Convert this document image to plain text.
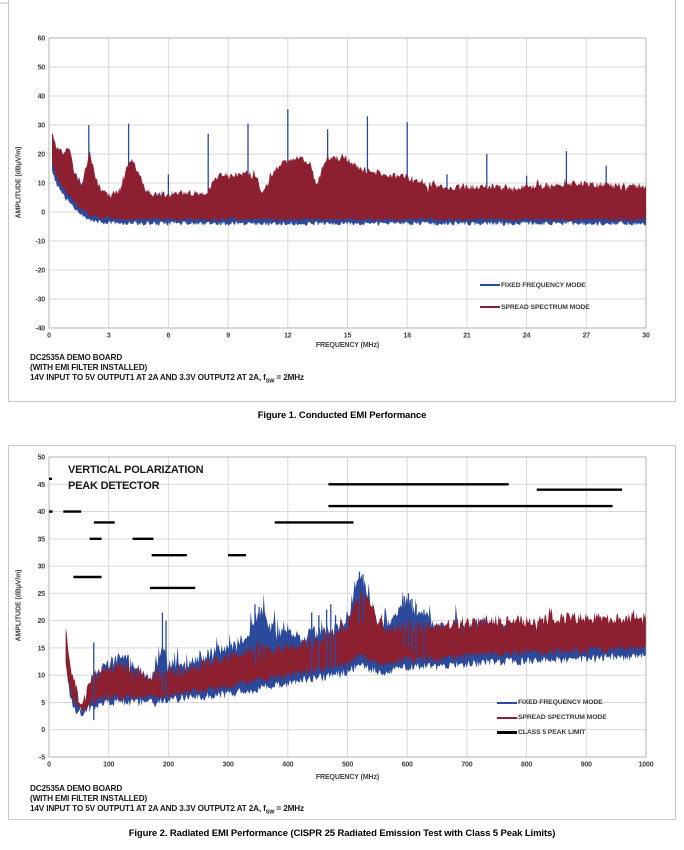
0	3	6	9	12	15	18	21	24	27	30
60
50
40
30
20
10
0
-10
-20
-30
-40
AMPLITUDE (dBµV/m)
FREQUENCY (MHz)
FIXED FREQUENCY MODE
SPREAD SPECTRUM MODE
DC2535A DEMO BOARD
(WITH EMI FILTER INSTALLED)
14V INPUT TO 5V OUTPUT1 AT 2A AND 3.3V OUTPUT2 AT 2A, $f_{SW} = 2MHz$
Figure 1. Conducted EMI Performance
0	100	200	300	400	500	600	700	800	900	1000
50
45
40
35
30
25
20
15
10
5
0
-5
VERTICAL POLARIZATION
PEAK DETECTOR
AMPLITUDE (dBµV/m)
FREQUENCY (MHz)
FIXED FREQUENCY MODE
SPREAD SPECTRUM MODE
CLASS 5 PEAK LIMIT
DC2535A DEMO BOARD
(WITH EMI FILTER INSTALLED)
14V INPUT TO 5V OUTPUT1 AT 2A AND 3.3V OUTPUT2 AT 2A, $f_{SW} = 2MHz$
Figure 2. Radiated EMI Performance (CISPR 25 Radiated Emission Test with Class 5 Peak Limits)
